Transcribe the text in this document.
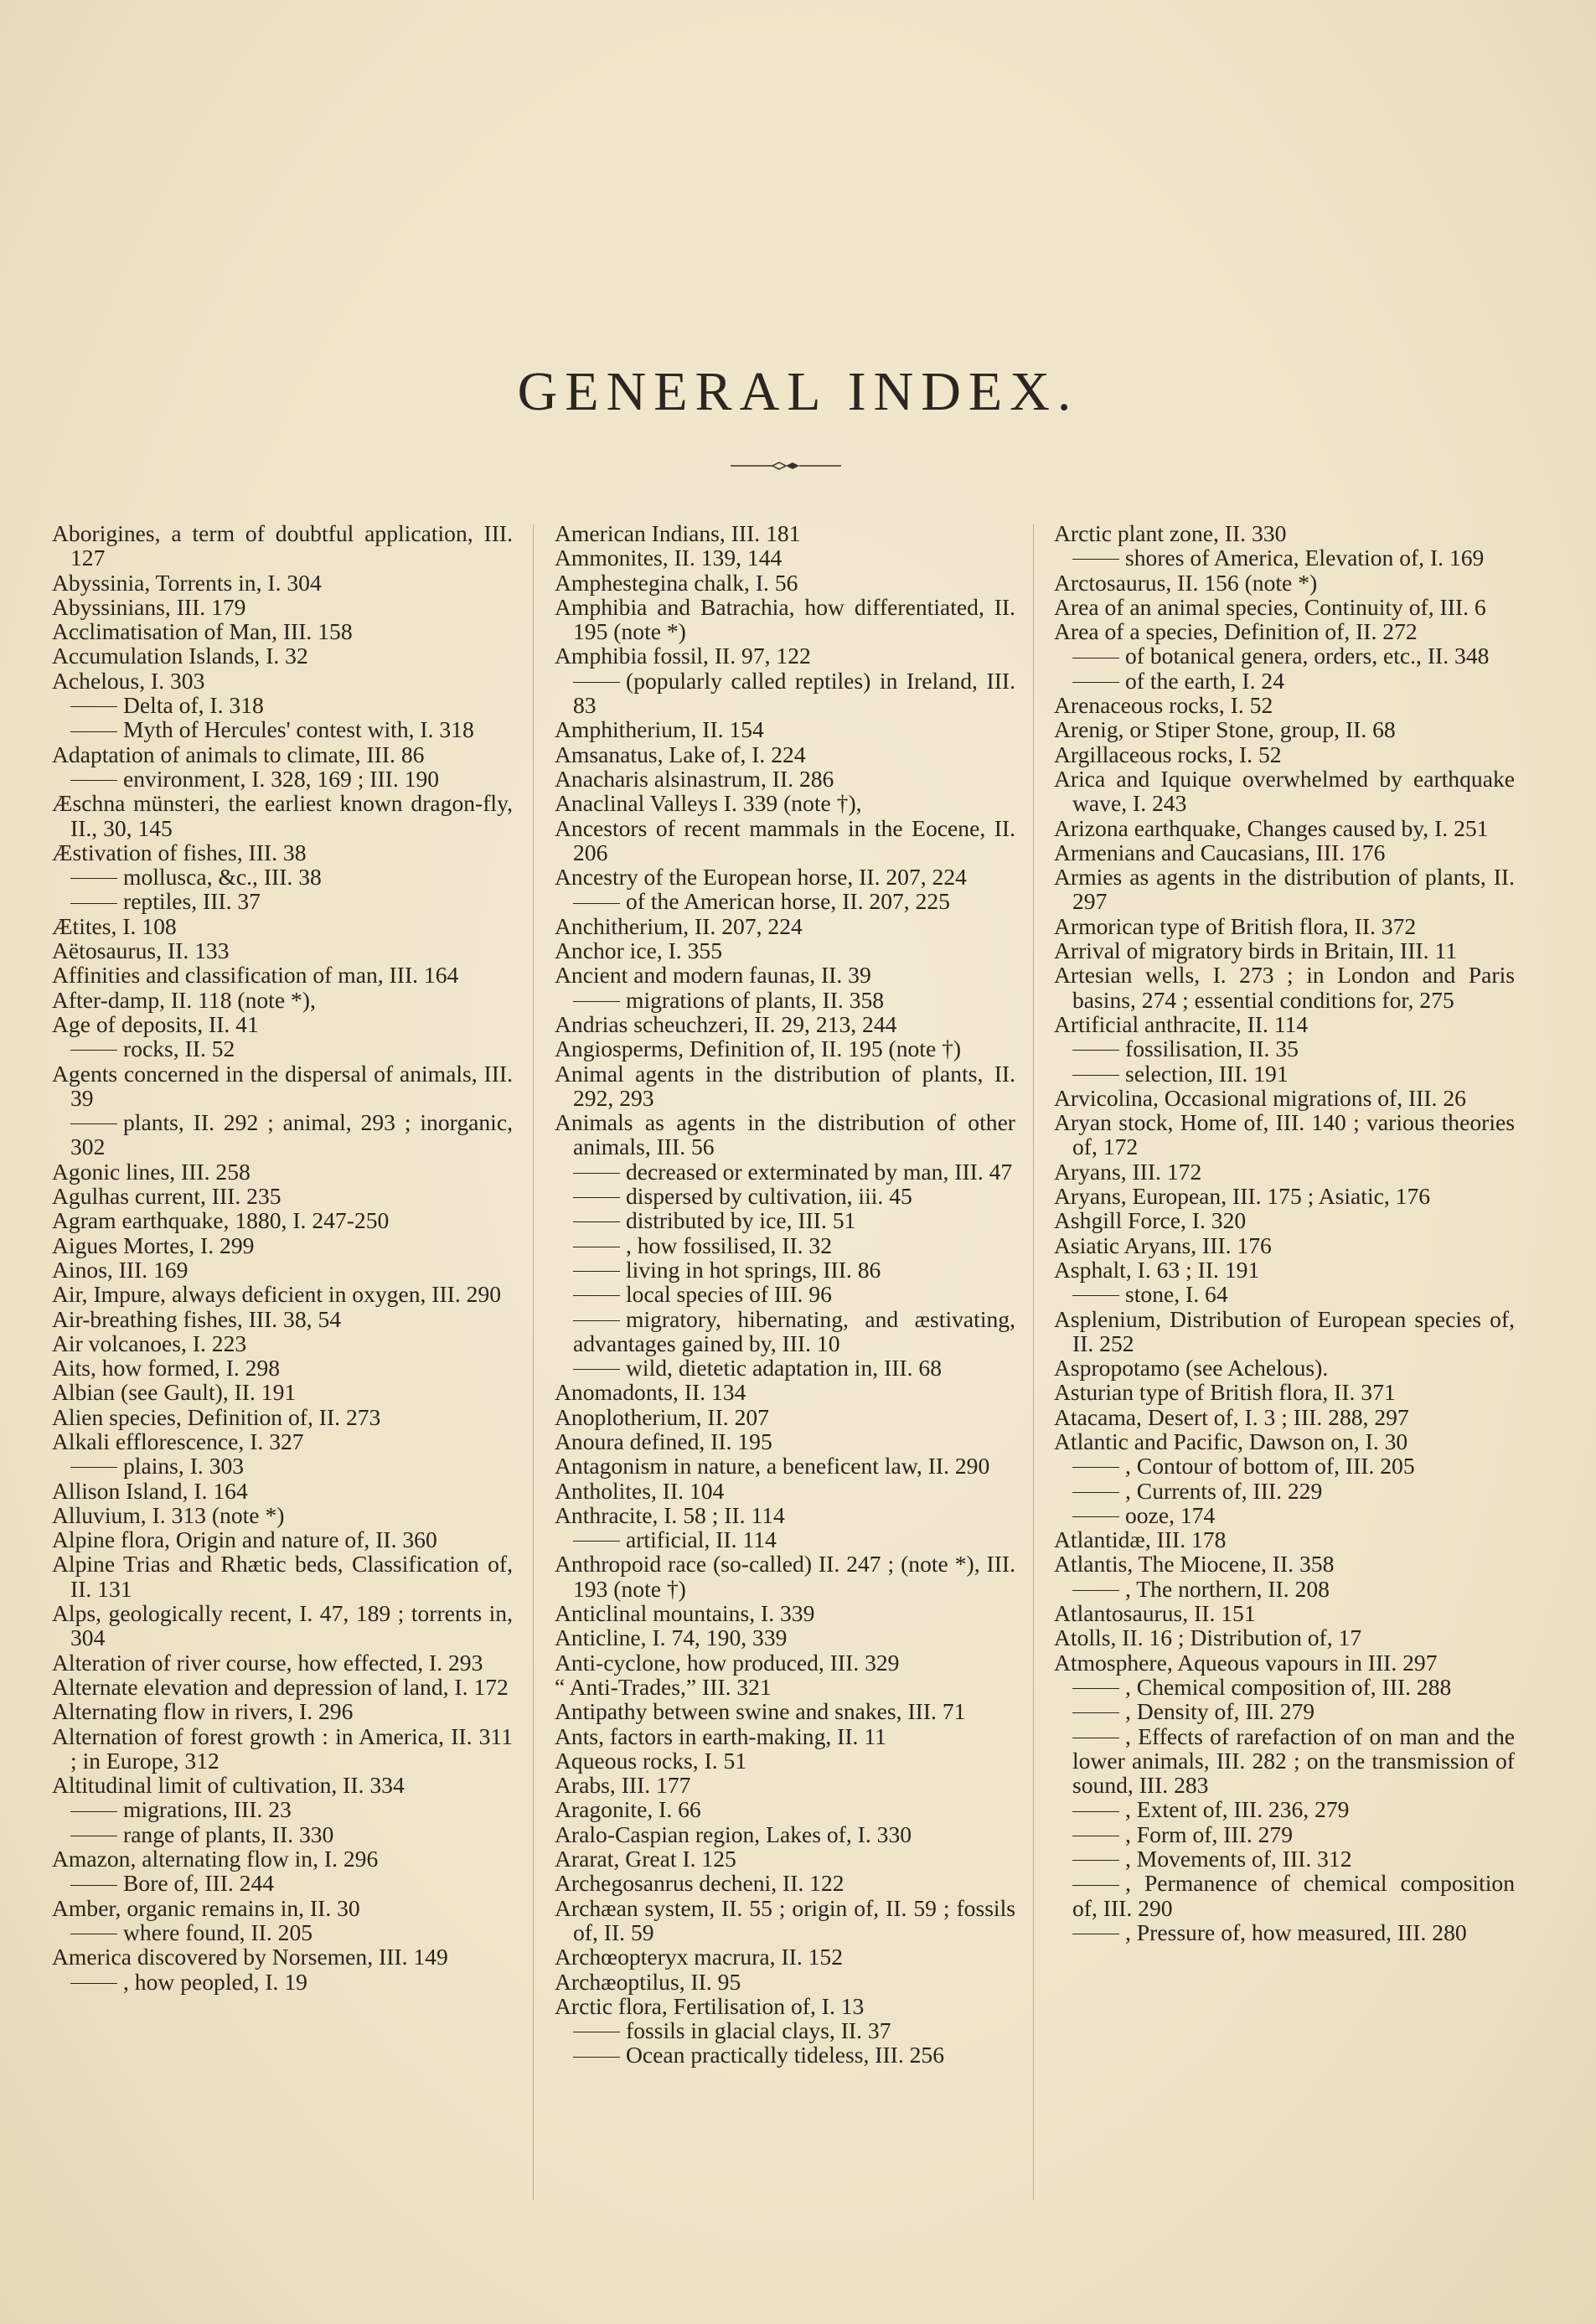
GENERAL INDEX.
Aborigines, a term of doubtful application, III. 127
Abyssinia, Torrents in, I. 304
Abyssinians, III. 179
Acclimatisation of Man, III. 158
Accumulation Islands, I. 32
Achelous, I. 303
Delta of, I. 318
Myth of Hercules' contest with, I. 318
Adaptation of animals to climate, III. 86
environment, I. 328, 169 ; III. 190
Æschna münsteri, the earliest known dragon-fly, II., 30, 145
Æstivation of fishes, III. 38
mollusca, &c., III. 38
reptiles, III. 37
Ætites, I. 108
Aëtosaurus, II. 133
Affinities and classification of man, III. 164
After-damp, II. 118 (note *),
Age of deposits, II. 41
rocks, II. 52
Agents concerned in the dispersal of animals, III. 39
plants, II. 292 ; animal, 293 ; inorganic, 302
Agonic lines, III. 258
Agulhas current, III. 235
Agram earthquake, 1880, I. 247-250
Aigues Mortes, I. 299
Ainos, III. 169
Air, Impure, always deficient in oxygen, III. 290
Air-breathing fishes, III. 38, 54
Air volcanoes, I. 223
Aits, how formed, I. 298
Albian (see Gault), II. 191
Alien species, Definition of, II. 273
Alkali efflorescence, I. 327
plains, I. 303
Allison Island, I. 164
Alluvium, I. 313 (note *)
Alpine flora, Origin and nature of, II. 360
Alpine Trias and Rhætic beds, Classification of, II. 131
Alps, geologically recent, I. 47, 189 ; torrents in, 304
Alteration of river course, how effected, I. 293
Alternate elevation and depression of land, I. 172
Alternating flow in rivers, I. 296
Alternation of forest growth : in America, II. 311 ; in Europe, 312
Altitudinal limit of cultivation, II. 334
migrations, III. 23
range of plants, II. 330
Amazon, alternating flow in, I. 296
Bore of, III. 244
Amber, organic remains in, II. 30
where found, II. 205
America discovered by Norsemen, III. 149
, how peopled, I. 19
American Indians, III. 181
Ammonites, II. 139, 144
Amphestegina chalk, I. 56
Amphibia and Batrachia, how differentiated, II. 195 (note *)
Amphibia fossil, II. 97, 122
(popularly called reptiles) in Ireland, III. 83
Amphitherium, II. 154
Amsanatus, Lake of, I. 224
Anacharis alsinastrum, II. 286
Anaclinal Valleys I. 339 (note †),
Ancestors of recent mammals in the Eocene, II. 206
Ancestry of the European horse, II. 207, 224
of the American horse, II. 207, 225
Anchitherium, II. 207, 224
Anchor ice, I. 355
Ancient and modern faunas, II. 39
migrations of plants, II. 358
Andrias scheuchzeri, II. 29, 213, 244
Angiosperms, Definition of, II. 195 (note †)
Animal agents in the distribution of plants, II. 292, 293
Animals as agents in the distribution of other animals, III. 56
decreased or exterminated by man, III. 47
dispersed by cultivation, iii. 45
distributed by ice, III. 51
, how fossilised, II. 32
living in hot springs, III. 86
local species of III. 96
migratory, hibernating, and æstivating, advantages gained by, III. 10
wild, dietetic adaptation in, III. 68
Anomadonts, II. 134
Anoplotherium, II. 207
Anoura defined, II. 195
Antagonism in nature, a beneficent law, II. 290
Antholites, II. 104
Anthracite, I. 58 ; II. 114
artificial, II. 114
Anthropoid race (so-called) II. 247 ; (note *), III. 193 (note †)
Anticlinal mountains, I. 339
Anticline, I. 74, 190, 339
Anti-cyclone, how produced, III. 329
“ Anti-Trades,” III. 321
Antipathy between swine and snakes, III. 71
Ants, factors in earth-making, II. 11
Aqueous rocks, I. 51
Arabs, III. 177
Aragonite, I. 66
Aralo-Caspian region, Lakes of, I. 330
Ararat, Great I. 125
Archegosanrus decheni, II. 122
Archæan system, II. 55 ; origin of, II. 59 ; fossils of, II. 59
Archœopteryx macrura, II. 152
Archæoptilus, II. 95
Arctic flora, Fertilisation of, I. 13
fossils in glacial clays, II. 37
Ocean practically tideless, III. 256
Arctic plant zone, II. 330
shores of America, Elevation of, I. 169
Arctosaurus, II. 156 (note *)
Area of an animal species, Continuity of, III. 6
Area of a species, Definition of, II. 272
of botanical genera, orders, etc., II. 348
of the earth, I. 24
Arenaceous rocks, I. 52
Arenig, or Stiper Stone, group, II. 68
Argillaceous rocks, I. 52
Arica and Iquique overwhelmed by earthquake wave, I. 243
Arizona earthquake, Changes caused by, I. 251
Armenians and Caucasians, III. 176
Armies as agents in the distribution of plants, II. 297
Armorican type of British flora, II. 372
Arrival of migratory birds in Britain, III. 11
Artesian wells, I. 273 ; in London and Paris basins, 274 ; essential conditions for, 275
Artificial anthracite, II. 114
fossilisation, II. 35
selection, III. 191
Arvicolina, Occasional migrations of, III. 26
Aryan stock, Home of, III. 140 ; various theories of, 172
Aryans, III. 172
Aryans, European, III. 175 ; Asiatic, 176
Ashgill Force, I. 320
Asiatic Aryans, III. 176
Asphalt, I. 63 ; II. 191
stone, I. 64
Asplenium, Distribution of European species of, II. 252
Aspropotamo (see Achelous).
Asturian type of British flora, II. 371
Atacama, Desert of, I. 3 ; III. 288, 297
Atlantic and Pacific, Dawson on, I. 30
, Contour of bottom of, III. 205
, Currents of, III. 229
ooze, 174
Atlantidæ, III. 178
Atlantis, The Miocene, II. 358
, The northern, II. 208
Atlantosaurus, II. 151
Atolls, II. 16 ; Distribution of, 17
Atmosphere, Aqueous vapours in III. 297
, Chemical composition of, III. 288
, Density of, III. 279
, Effects of rarefaction of on man and the lower animals, III. 282 ; on the transmission of sound, III. 283
, Extent of, III. 236, 279
, Form of, III. 279
, Movements of, III. 312
, Permanence of chemical composition of, III. 290
, Pressure of, how measured, III. 280
